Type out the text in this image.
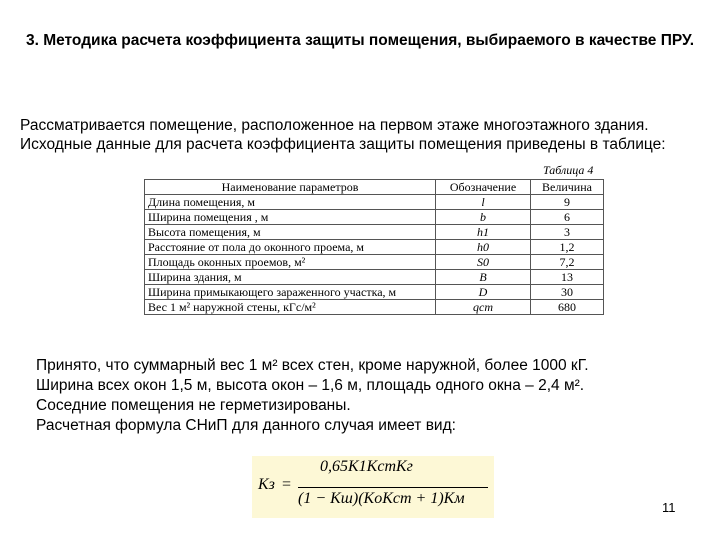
3. Методика расчета коэффициента защиты помещения, выбираемого в качестве ПРУ.
Рассматривается помещение, расположенное на первом этаже многоэтажного здания. Исходные данные для расчета коэффициента защиты помещения приведены в таблице:
Таблица 4
Наименование параметров	Обозначение	Величина
Длина помещения, м	l	9
Ширина помещения , м	b	6
Высота помещения, м	h1	3
Расстояние от пола до оконного проема, м	h0	1,2
Площадь оконных проемов, м²	S0	7,2
Ширина здания, м	B	13
Ширина примыкающего зараженного участка, м	D	30
Вес 1 м² наружной стены, кГс/м²	qст	680

Принято, что суммарный вес 1 м² всех стен, кроме наружной, более 1000 кГ.

Ширина всех окон 1,5 м, высота окон – 1,6 м, площадь одного окна – 2,4 м².

Соседние помещения не герметизированы.

Расчетная формула СНиП для данного случая имеет вид:

Kз =
0,65K1KстKг
(1 − Kш)(KoKст + 1)Kм
11
